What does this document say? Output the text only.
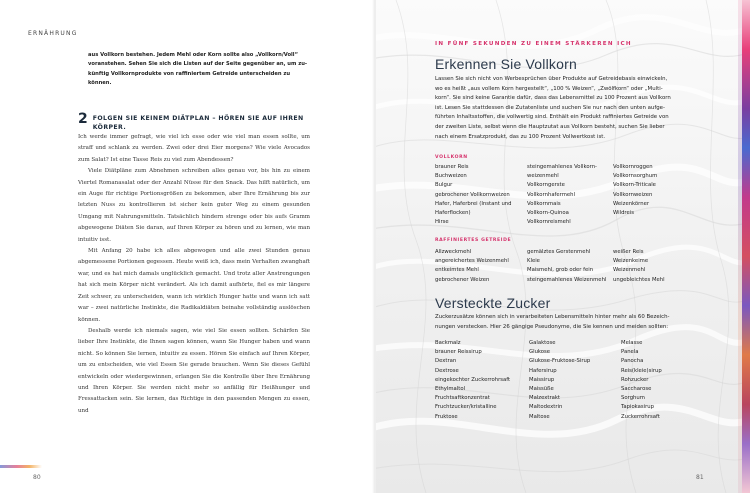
ERNÄHRUNG
aus Vollkorn bestehen. Jedem Mehl oder Korn sollte also „Vollkorn/Voll“
voranstehen. Sehen Sie sich die Listen auf der Seite gegenüber an, um zu-
künftig Vollkornprodukte von raffiniertem Getreide unterscheiden zu können.
2 FOLGEN SIE KEINEM DIÄTPLAN – HÖREN SIE AUF IHREN KÖRPER.

Ich werde immer gefragt, wie viel ich esse oder wie viel man essen sollte, um straff und schlank zu werden. Zwei oder drei Eier morgens? Wie viele Avocados zum Salat? Ist eine Tasse Reis zu viel zum Abendessen?

Viele Diätpläne zum Abnehmen schreiben alles genau vor, bis hin zu einem Viertel Romanasalat oder der Anzahl Nüsse für den Snack. Das hilft natürlich, um ein Auge für richtige Portionsgrößen zu bekommen, aber Ihre Ernährung bis zur letzten Nuss zu kontrollieren ist sicher kein guter Weg zu einem gesunden Umgang mit Nahrungsmitteln. Tatsächlich hindern strenge oder bis aufs Gramm abgewogene Diäten Sie daran, auf Ihren Körper zu hören und zu lernen, wie man intuitiv isst.

Mit Anfang 20 habe ich alles abgewogen und alle zwei Stunden genau abgemessene Portionen gegessen. Heute weiß ich, dass mein Verhalten zwanghaft war, und es hat mich damals unglücklich gemacht. Und trotz aller Anstrengungen hat sich mein Körper nicht verändert. Als ich damit aufhörte, fiel es mir längere Zeit schwer, zu unterscheiden, wann ich wirklich Hunger hatte und wann ich satt war – zwei natürliche Instinkte, die Radikaldiäten beinahe vollständig auslöschen können.

Deshalb werde ich niemals sagen, wie viel Sie essen sollten. Schärfen Sie lieber Ihre Instinkte, die Ihnen sagen können, wann Sie Hunger haben und wann nicht. So können Sie lernen, intuitiv zu essen. Hören Sie einfach auf Ihren Körper, um zu entscheiden, wie viel Essen Sie gerade brauchen. Wenn Sie dieses Gefühl entwickeln oder wiedergewinnen, erlangen Sie die Kontrolle über Ihre Ernährung und Ihren Körper. Sie werden nicht mehr so anfällig für Heißhunger und Fressattacken sein. Sie lernen, das Richtige in den passenden Mengen zu essen, und

80
IN FÜNF SEKUNDEN ZU EINEM STÄRKEREN ICH
Erkennen Sie Vollkorn
Lassen Sie sich nicht von Werbesprüchen über Produkte auf Getreidebasis einwickeln,
wo es heißt „aus vollem Korn hergestellt“, „100 % Weizen“, „Zwölfkorn“ oder „Multi-
korn“. Sie sind keine Garantie dafür, dass das Lebensmittel zu 100 Prozent aus Vollkorn
ist. Lesen Sie stattdessen die Zutatenliste und suchen Sie nur nach den unten aufge-
führten Inhaltsstoffen, die vollwertig sind. Enthält ein Produkt raffiniertes Getreide von
der zweiten Liste, selbst wenn die Hauptzutat aus Vollkorn besteht, suchen Sie lieber
nach einem Ersatzprodukt, das zu 100 Prozent Vollwertkost ist.
VOLLKORN
brauner Reis
Buchweizen
Bulgur
gebrochener Vollkornweizen
Hafer, Haferbrei (Instant und
Haferflocken)
Hirse
steingemahlenes Vollkorn-
weizenmehl
Vollkorngerste
Vollkornhafermehl
Vollkornmais
Vollkorn-Quinoa
Vollkornreismehl
Vollkornroggen
Vollkornsorghum
Vollkorn-Triticale
Vollkornweizen
Weizenkörner
Wildreis
RAFFINIERTES GETREIDE
Allzweckmehl
angereichertes Weizenmehl
entkeimtes Mehl
gebrochener Weizen
gemälztes Gerstenmehl
Kleie
Maismehl, grob oder fein
steingemahlenes Weizenmehl
weißer Reis
Weizenkeime
Weizenmehl
ungebleichtes Mehl
Versteckte Zucker
Zuckerzusätze können sich in verarbeiteten Lebensmitteln hinter mehr als 60 Bezeich-
nungen verstecken. Hier 26 gängige Pseudonyme, die Sie kennen und meiden sollten:
Backmalz
brauner Reissirup
Dextran
Dextrose
eingekochter Zuckerrohrsaft
Ethylmaltol
Fruchtsaftkonzentrat
Fruchtzucker/kristalline
Fruktose
Galaktose
Glukose
Glukose-Fruktose-Sirup
Hafersirup
Maissirup
Maissüße
Malzextrakt
Maltodextrin
Maltose
Melasse
Panela
Panocha
Reis(kleie)sirup
Rohzucker
Saccharose
Sorghum
Tapiokasirup
Zuckerrohrsaft
81
